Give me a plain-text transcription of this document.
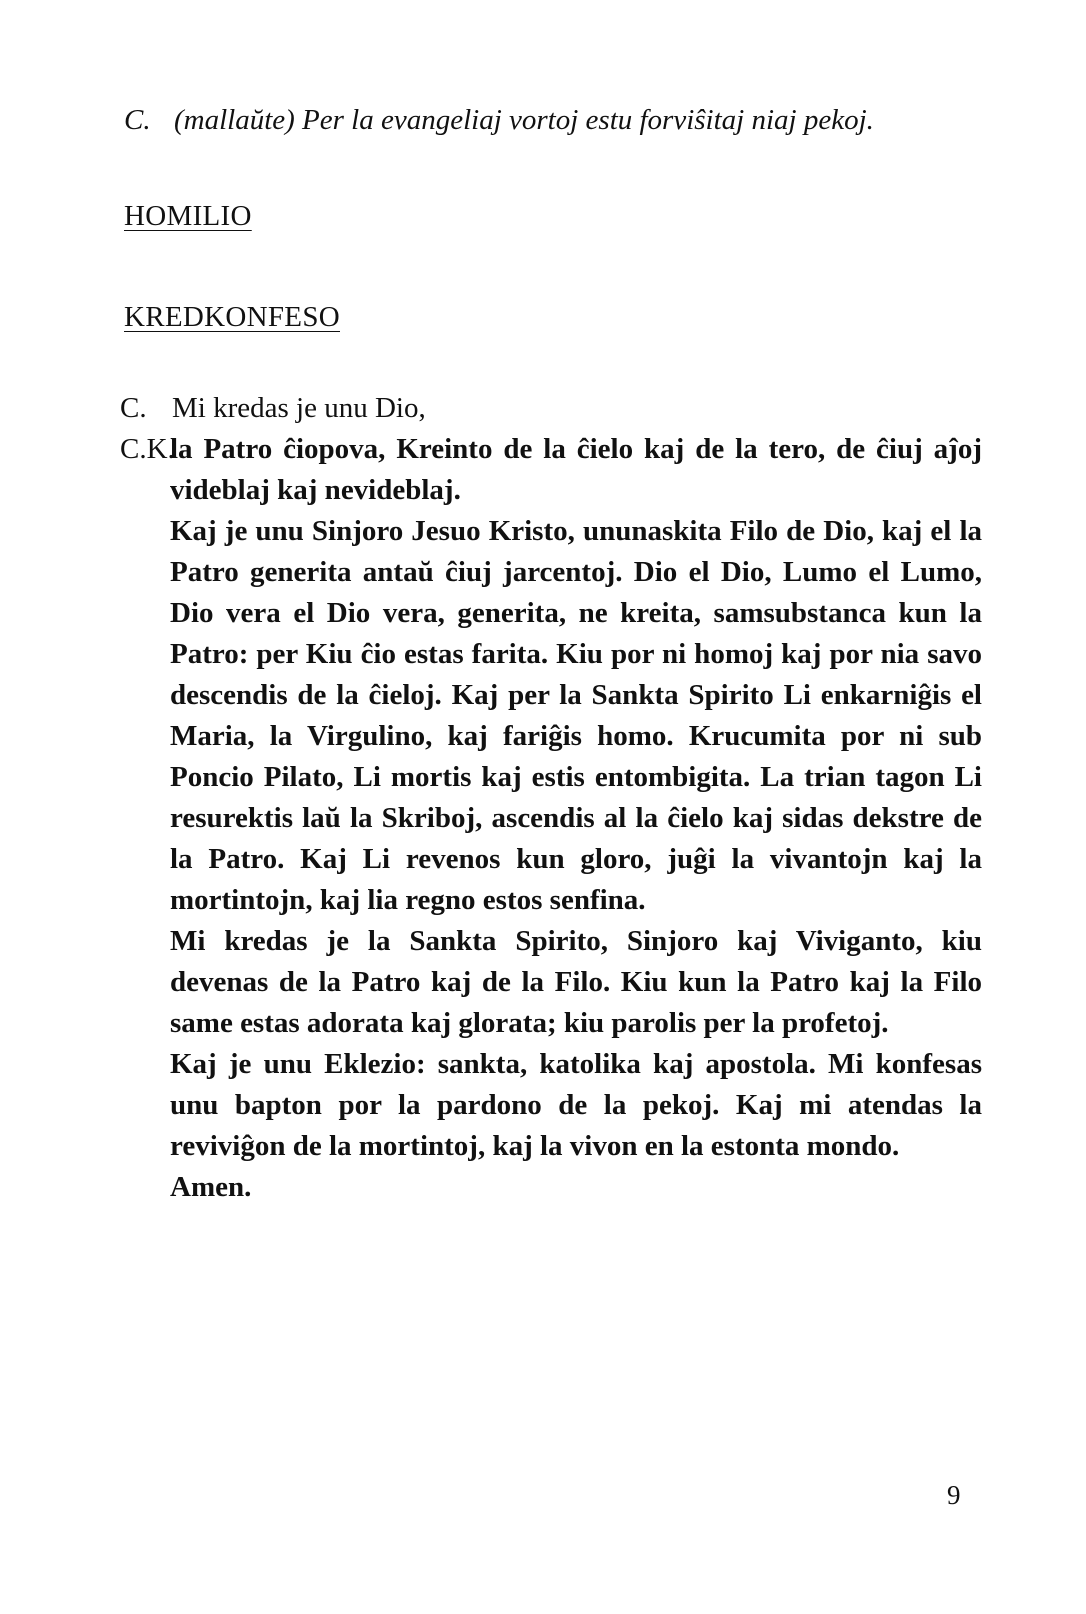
C. (mallaŭte) Per la evangeliaj vortoj estu forviŝitaj niaj pekoj.
HOMILIO
KREDKONFESO
C. Mi kredas je unu Dio,
C.K.
la Patro ĉiopova, Kreinto de la ĉielo kaj de la tero, de ĉiuj aĵoj videblaj kaj nevideblaj.
Kaj je unu Sinjoro Jesuo Kristo, ununaskita Filo de Dio, kaj el la Patro generita antaŭ ĉiuj jarcentoj. Dio el Dio, Lumo el Lumo, Dio vera el Dio vera, generita, ne kreita, samsubstanca kun la Patro: per Kiu ĉio estas farita. Kiu por ni homoj kaj por nia savo descendis de la ĉieloj. Kaj per la Sankta Spirito Li enkarniĝis el Maria, la Virgulino, kaj fariĝis homo. Krucumita por ni sub Poncio Pilato, Li mortis kaj estis entombigita. La trian tagon Li resurektis laŭ la Skriboj, ascendis al la ĉielo kaj sidas dekstre de la Patro. Kaj Li revenos kun gloro, juĝi la vivantojn kaj la mortintojn, kaj lia regno estos senfina.
Mi kredas je la Sankta Spirito, Sinjoro kaj Viviganto, kiu devenas de la Patro kaj de la Filo. Kiu kun la Patro kaj la Filo same estas adorata kaj glorata; kiu parolis per la profetoj.
Kaj je unu Eklezio: sankta, katolika kaj apostola. Mi konfesas unu bapton por la pardono de la pekoj. Kaj mi atendas la reviviĝon de la mortintoj, kaj la vivon en la estonta mondo.
Amen.
9
